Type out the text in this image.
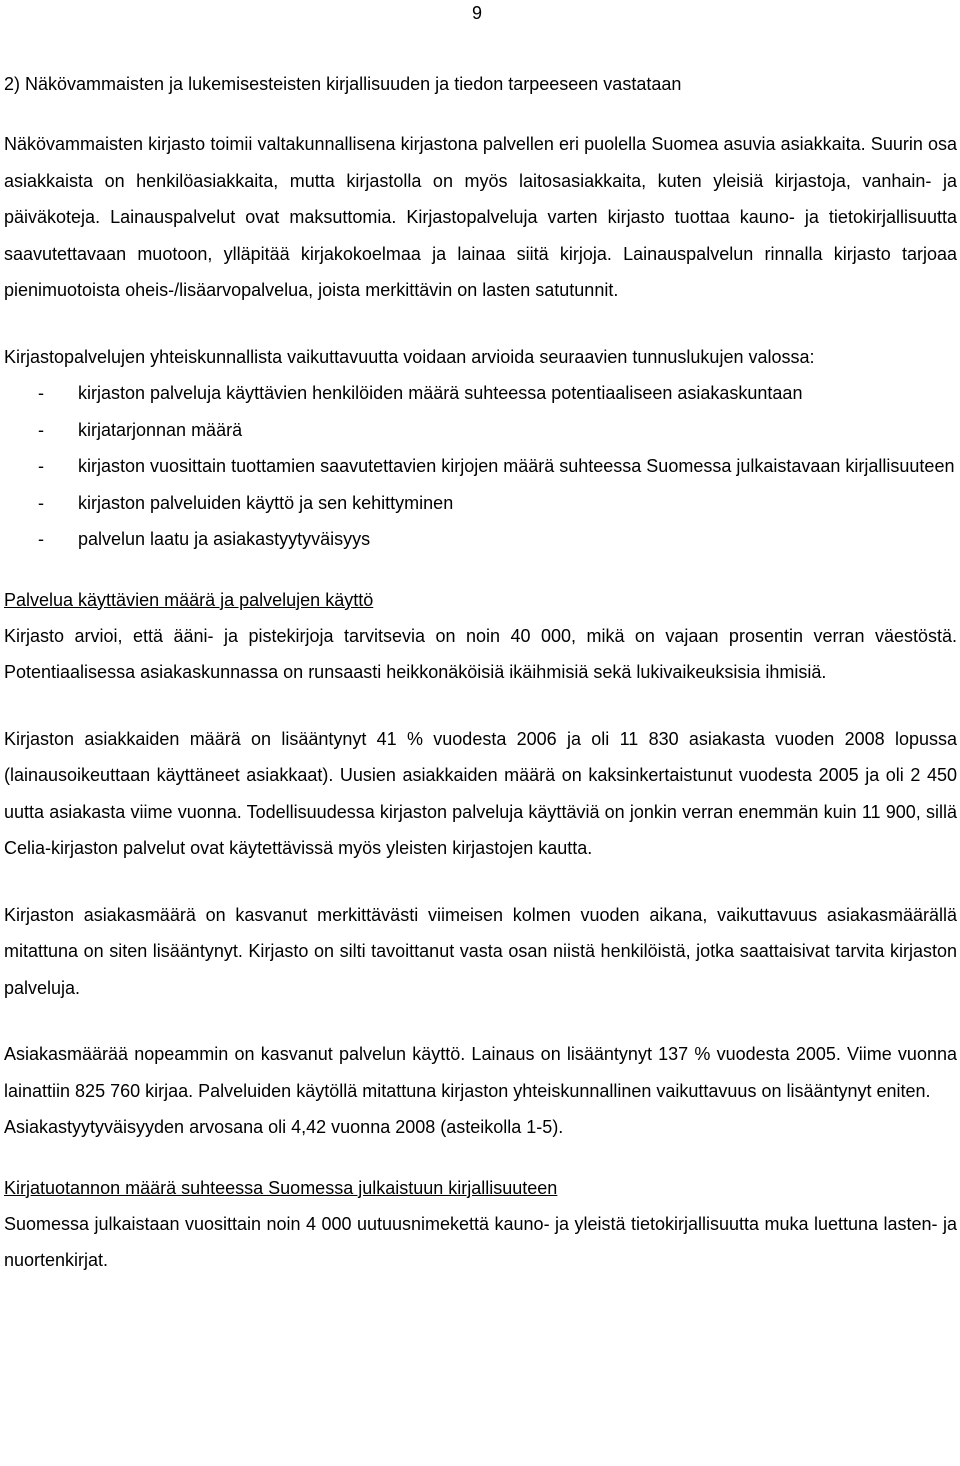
9
2) Näkövammaisten ja lukemisesteisten kirjallisuuden ja tiedon tarpeeseen vastataan

Näkövammaisten kirjasto toimii valtakunnallisena kirjastona palvellen eri puolella Suomea asuvia asiakkaita. Suurin osa asiakkaista on henkilöasiakkaita, mutta kirjastolla on myös laitosasiakkaita, kuten yleisiä kirjastoja, vanhain- ja päiväkoteja. Lainauspalvelut ovat maksuttomia. Kirjastopalveluja varten kirjasto tuottaa kauno- ja tietokirjallisuutta saavutettavaan muotoon, ylläpitää kirjakokoelmaa ja lainaa siitä kirjoja. Lainauspalvelun rinnalla kirjasto tarjoaa pienimuotoista oheis-/lisäarvopalvelua, joista merkittävin on lasten satutunnit.

Kirjastopalvelujen yhteiskunnallista vaikuttavuutta voidaan arvioida seuraavien tunnuslukujen valossa:

- kirjaston palveluja käyttävien henkilöiden määrä suhteessa potentiaaliseen asiakaskuntaan
- kirjatarjonnan määrä
- kirjaston vuosittain tuottamien saavutettavien kirjojen määrä suhteessa Suomessa julkaistavaan kirjallisuuteen
- kirjaston palveluiden käyttö ja sen kehittyminen
- palvelun laatu ja asiakastyytyväisyys
Palvelua käyttävien määrä ja palvelujen käyttö

Kirjasto arvioi, että ääni- ja pistekirjoja tarvitsevia on noin 40 000, mikä on vajaan prosentin verran väestöstä. Potentiaalisessa asiakaskunnassa on runsaasti heikkonäköisiä ikäihmisiä sekä lukivaikeuksisia ihmisiä.

Kirjaston asiakkaiden määrä on lisääntynyt 41 % vuodesta 2006 ja oli 11 830 asiakasta vuoden 2008 lopussa (lainausoikeuttaan käyttäneet asiakkaat). Uusien asiakkaiden määrä on kaksinkertaistunut vuodesta 2005 ja oli 2 450 uutta asiakasta viime vuonna. Todellisuudessa kirjaston palveluja käyttäviä on jonkin verran enemmän kuin 11 900, sillä Celia-kirjaston palvelut ovat käytettävissä myös yleisten kirjastojen kautta.

Kirjaston asiakasmäärä on kasvanut merkittävästi viimeisen kolmen vuoden aikana, vaikuttavuus asiakasmäärällä mitattuna on siten lisääntynyt. Kirjasto on silti tavoittanut vasta osan niistä henkilöistä, jotka saattaisivat tarvita kirjaston palveluja.

Asiakasmäärää nopeammin on kasvanut palvelun käyttö. Lainaus on lisääntynyt 137 % vuodesta 2005. Viime vuonna lainattiin 825 760 kirjaa. Palveluiden käytöllä mitattuna kirjaston yhteiskunnallinen vaikuttavuus on lisääntynyt eniten.

Asiakastyytyväisyyden arvosana oli 4,42 vuonna 2008 (asteikolla 1-5).

Kirjatuotannon määrä suhteessa Suomessa julkaistuun kirjallisuuteen

Suomessa julkaistaan vuosittain noin 4 000 uutuusnimekettä kauno- ja yleistä tietokirjallisuutta muka luettuna lasten- ja nuortenkirjat.
